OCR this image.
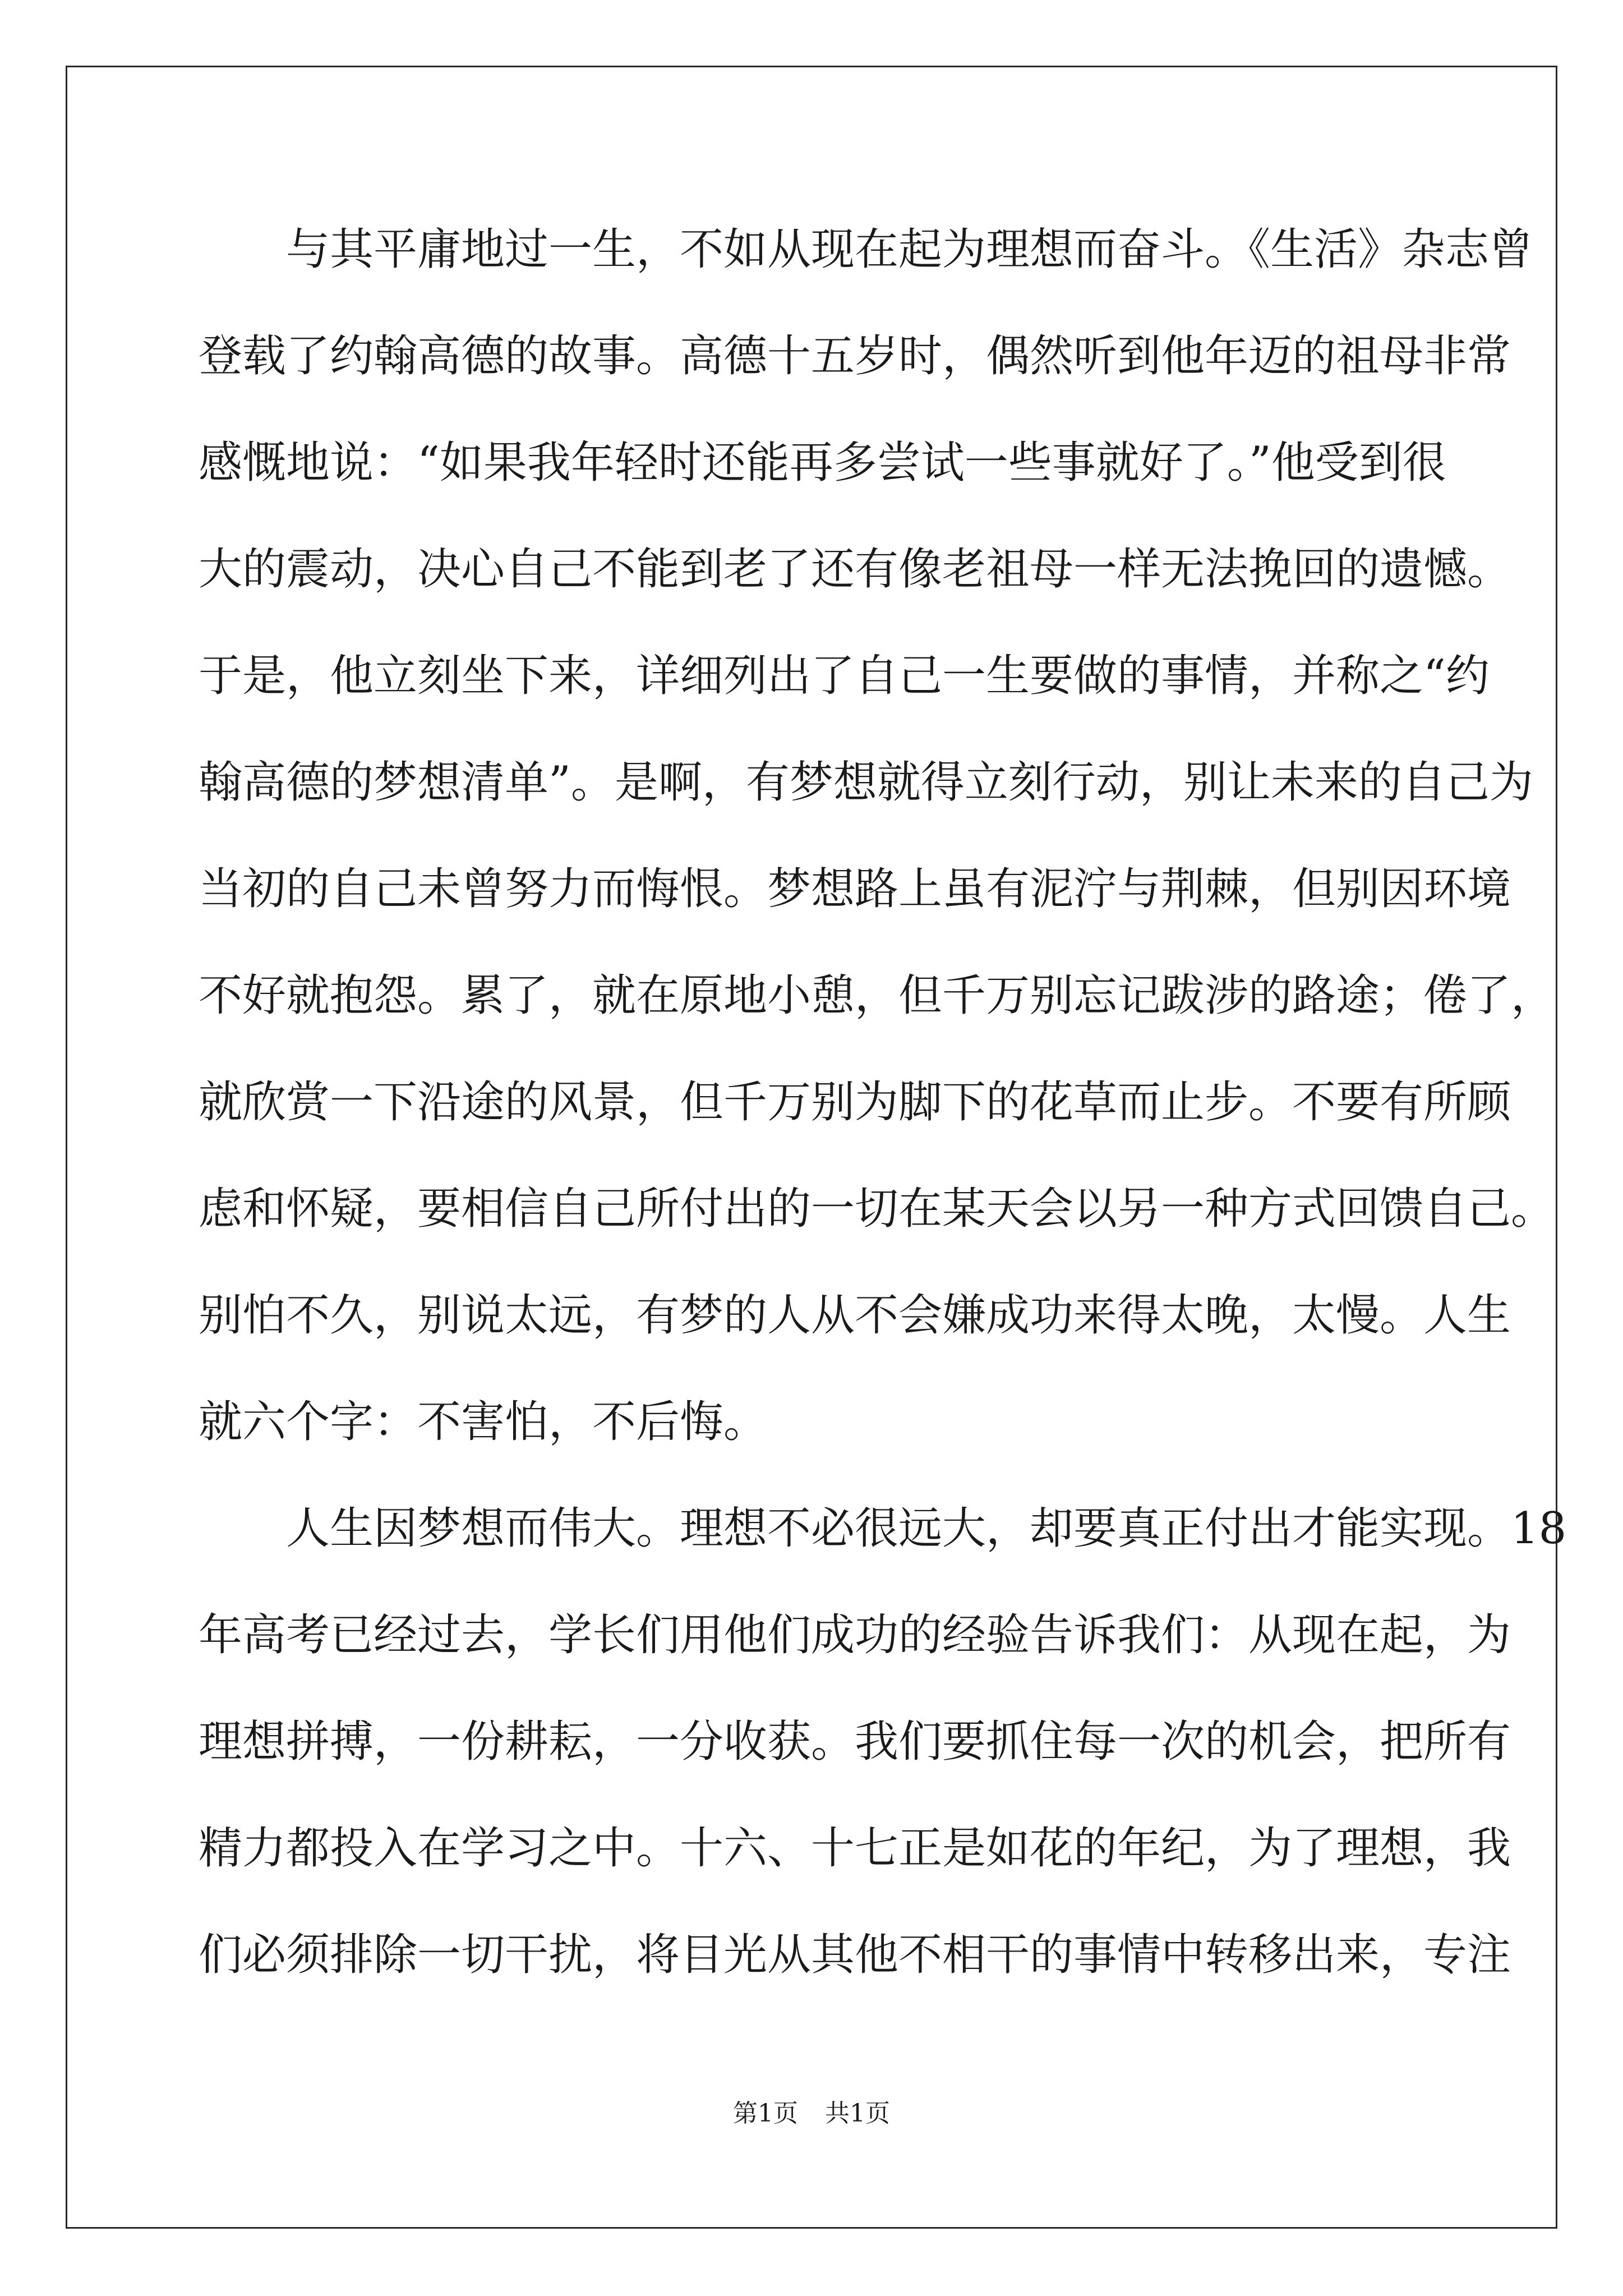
与其平庸地过一生，不如从现在起为理想而奋斗。《生活》杂志曾
登载了约翰高德的故事。高德十五岁时，偶然听到他年迈的祖母非常
感慨地说：“如果我年轻时还能再多尝试一些事就好了。”他受到很
大的震动，决心自己不能到老了还有像老祖母一样无法挽回的遗憾。
于是，他立刻坐下来，详细列出了自己一生要做的事情，并称之“约
翰高德的梦想清单”。是啊，有梦想就得立刻行动，别让未来的自己为
当初的自己未曾努力而悔恨。梦想路上虽有泥泞与荆棘，但别因环境
不好就抱怨。累了，就在原地小憩，但千万别忘记跋涉的路途；倦了，
就欣赏一下沿途的风景，但千万别为脚下的花草而止步。不要有所顾
虑和怀疑，要相信自己所付出的一切在某天会以另一种方式回馈自己。
别怕不久，别说太远，有梦的人从不会嫌成功来得太晚，太慢。人生
就六个字：不害怕，不后悔。
人生因梦想而伟大。理想不必很远大，却要真正付出才能实现。18
年高考已经过去，学长们用他们成功的经验告诉我们：从现在起，为
理想拼搏，一份耕耘，一分收获。我们要抓住每一次的机会，把所有
精力都投入在学习之中。十六、十七正是如花的年纪，为了理想，我
们必须排除一切干扰，将目光从其他不相干的事情中转移出来，专注
第1页 共1页
